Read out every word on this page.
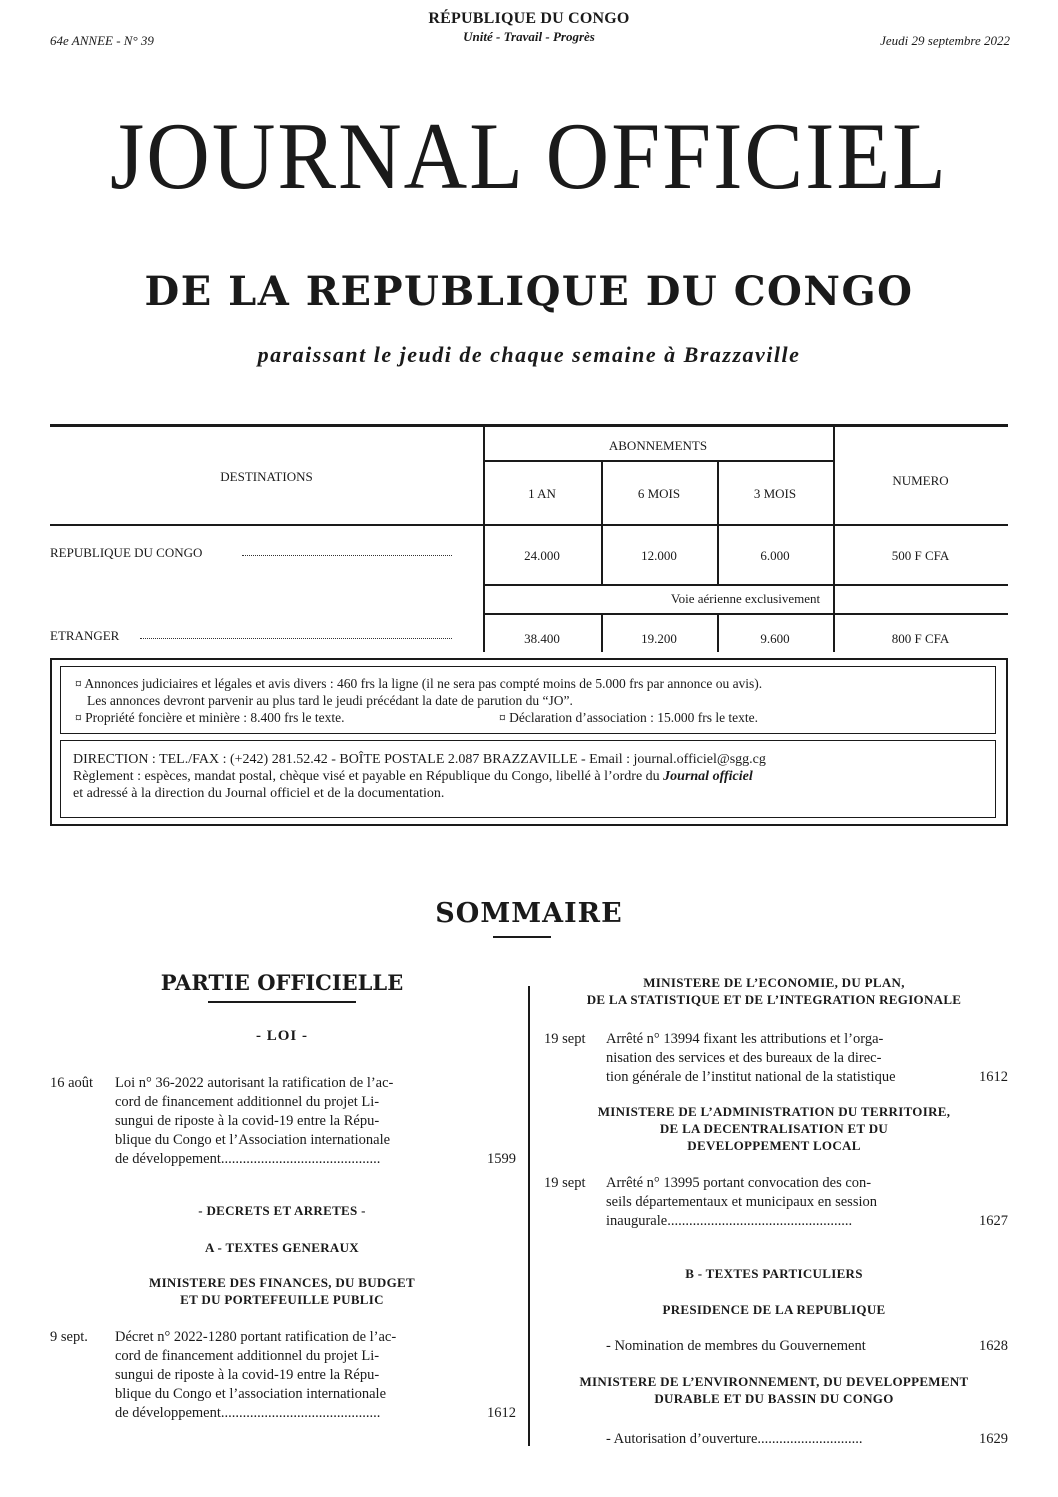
64e ANNEE - N° 39
RÉPUBLIQUE DU CONGO
Unité - Travail - Progrès	Jeudi 29 septembre 2022
JOURNAL OFFICIEL
DE LA REPUBLIQUE DU CONGO
paraissant le jeudi de chaque semaine à Brazzaville
DESTINATIONS
ABONNEMENTS
1 AN	6 MOIS	3 MOIS
NUMERO
REPUBLIQUE DU CONGO	24.000	12.000	6.000	500 F CFA
Voie aérienne exclusivement
ETRANGER	38.400	19.200	9.600	800 F CFA
¤ Annonces judiciaires et légales et avis divers : 460 frs la ligne (il ne sera pas compté moins de 5.000 frs par annonce ou avis).
Les annonces devront parvenir au plus tard le jeudi précédant la date de parution du “JO”.
¤ Propriété foncière et minière : 8.400 frs le texte.	¤ Déclaration d’association : 15.000 frs le texte.
DIRECTION : TEL./FAX : (+242) 281.52.42 - BOÎTE POSTALE 2.087 BRAZZAVILLE - Email : journal.officiel@sgg.cg
Règlement : espèces, mandat postal, chèque visé et payable en République du Congo, libellé à l’ordre du Journal officiel
et adressé à la direction du Journal officiel et de la documentation.
SOMMAIRE
PARTIE OFFICIELLE
- LOI -
16 août Loi n° 36-2022 autorisant la ratification de l’ac-
cord de financement additionnel du projet Li-
sungui de riposte à la covid-19 entre la Répu-
blique du Congo et l’Association internationale
de développement............................................	1599
- DECRETS ET ARRETES -
A - TEXTES GENERAUX
MINISTERE DES FINANCES, DU BUDGET
ET DU PORTEFEUILLE PUBLIC
9 sept. Décret n° 2022-1280 portant ratification de l’ac-
cord de financement additionnel du projet Li-
sungui de riposte à la covid-19 entre la Répu-
blique du Congo et l’association internationale
de développement............................................	1612
MINISTERE DE L’ECONOMIE, DU PLAN,
DE LA STATISTIQUE ET DE L’INTEGRATION REGIONALE
19 sept Arrêté n° 13994 fixant les attributions et l’orga-
nisation des services et des bureaux de la direc-
tion générale de l’institut national de la statistique	1612
MINISTERE DE L’ADMINISTRATION DU TERRITOIRE,
DE LA DECENTRALISATION ET DU
DEVELOPPEMENT LOCAL
19 sept Arrêté n° 13995 portant convocation des con-
seils départementaux et municipaux en session
inaugurale...................................................	1627
B - TEXTES PARTICULIERS
PRESIDENCE DE LA REPUBLIQUE
- Nomination de membres du Gouvernement	1628
MINISTERE DE L’ENVIRONNEMENT, DU DEVELOPPEMENT
DURABLE ET DU BASSIN DU CONGO
- Autorisation d’ouverture.............................	1629
